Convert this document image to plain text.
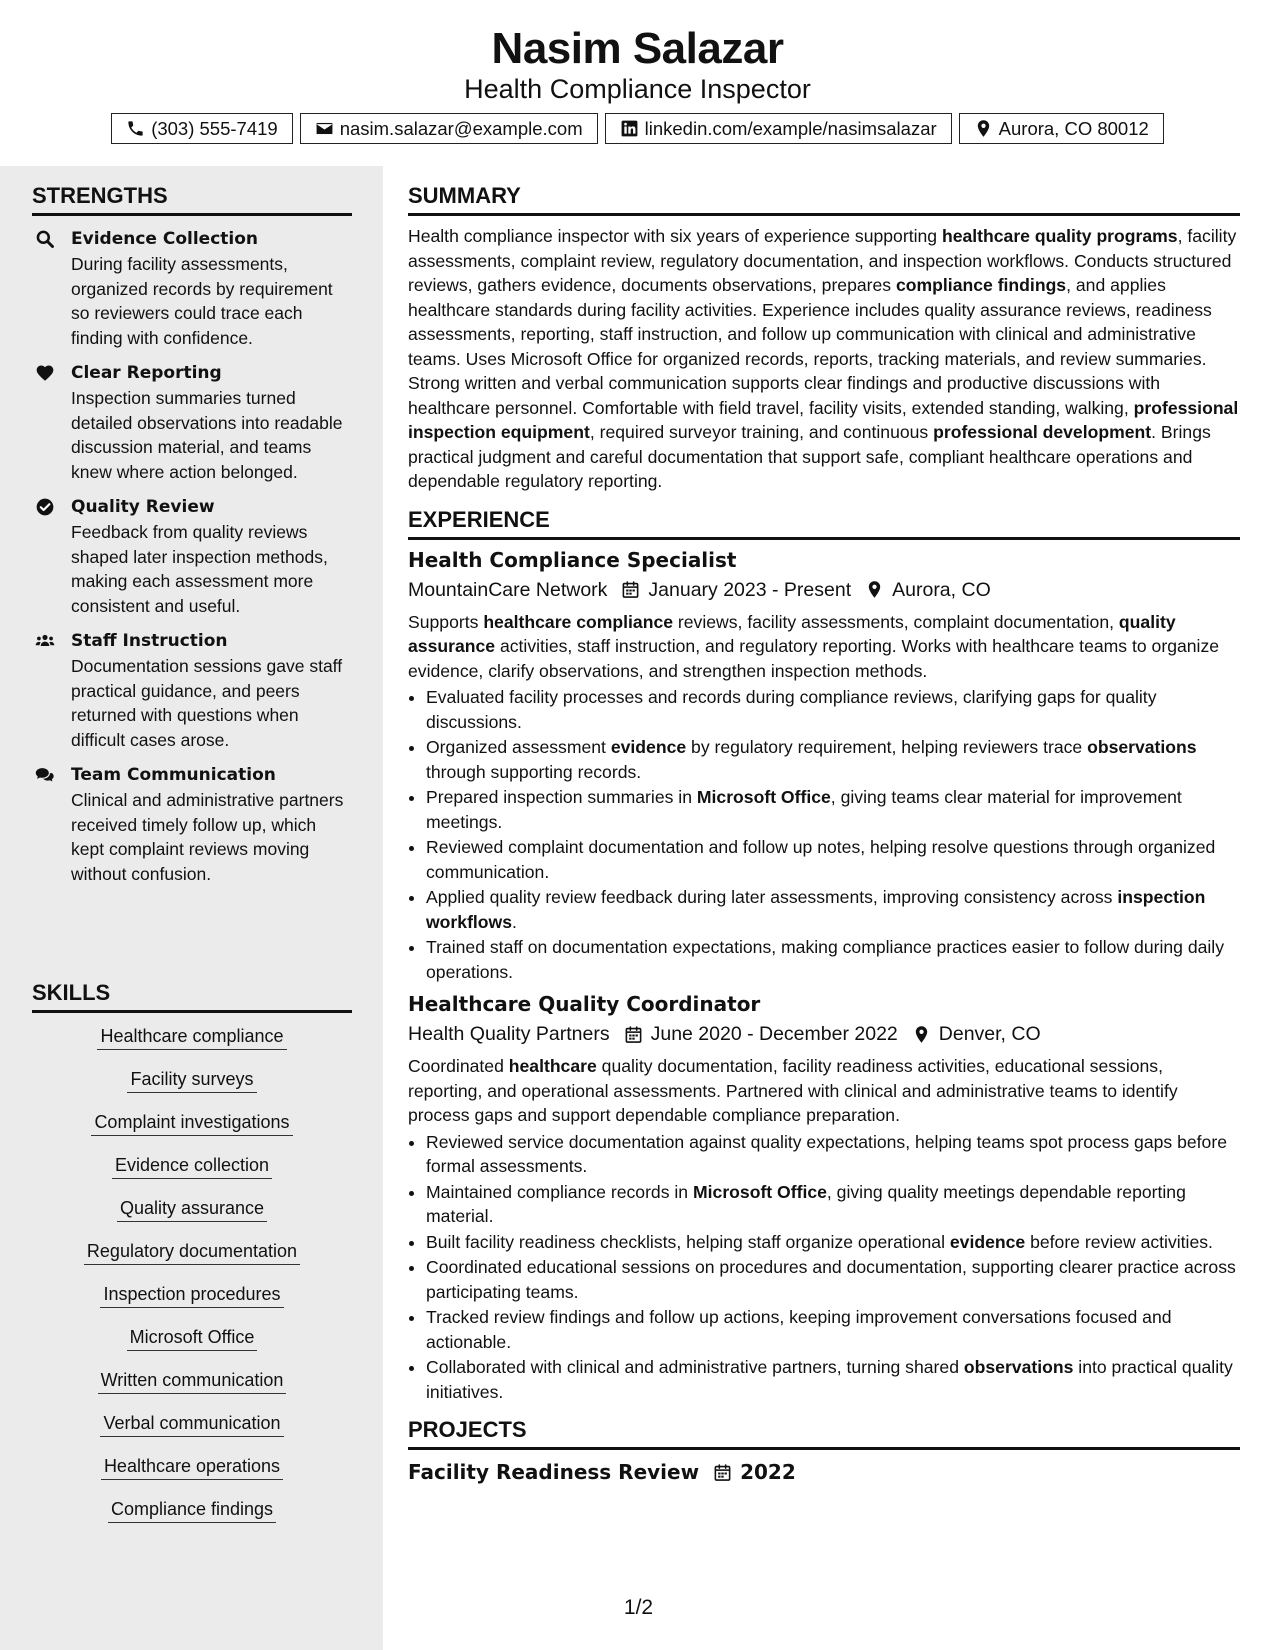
Nasim Salazar
Health Compliance Inspector
(303) 555-7419	nasim.salazar@example.com	linkedin.com/example/nasimsalazar	Aurora, CO 80012
STRENGTHS
Evidence Collection
During facility assessments, organized records by requirement so reviewers could trace each finding with confidence.
Clear Reporting
Inspection summaries turned detailed observations into readable discussion material, and teams knew where action belonged.
Quality Review
Feedback from quality reviews shaped later inspection methods, making each assessment more consistent and useful.
Staff Instruction
Documentation sessions gave staff practical guidance, and peers returned with questions when difficult cases arose.
Team Communication
Clinical and administrative partners received timely follow up, which kept complaint reviews moving without confusion.
SKILLS
Healthcare compliance
Facility surveys
Complaint investigations
Evidence collection
Quality assurance
Regulatory documentation
Inspection procedures
Microsoft Office
Written communication
Verbal communication
Healthcare operations
Compliance findings
SUMMARY
Health compliance inspector with six years of experience supporting healthcare quality programs, facility assessments, complaint review, regulatory documentation, and inspection workflows. Conducts structured reviews, gathers evidence, documents observations, prepares compliance findings, and applies healthcare standards during facility activities. Experience includes quality assurance reviews, readiness assessments, reporting, staff instruction, and follow up communication with clinical and administrative teams. Uses Microsoft Office for organized records, reports, tracking materials, and review summaries. Strong written and verbal communication supports clear findings and productive discussions with healthcare personnel. Comfortable with field travel, facility visits, extended standing, walking, professional inspection equipment, required surveyor training, and continuous professional development. Brings practical judgment and careful documentation that support safe, compliant healthcare operations and dependable regulatory reporting.
EXPERIENCE
Health Compliance Specialist
MountainCare Network January 2023 - Present Aurora, CO
Supports healthcare compliance reviews, facility assessments, complaint documentation, quality assurance activities, staff instruction, and regulatory reporting. Works with healthcare teams to organize evidence, clarify observations, and strengthen inspection methods.
• Evaluated facility processes and records during compliance reviews, clarifying gaps for quality discussions.
• Organized assessment evidence by regulatory requirement, helping reviewers trace observations through supporting records.
• Prepared inspection summaries in Microsoft Office, giving teams clear material for improvement meetings.
• Reviewed complaint documentation and follow up notes, helping resolve questions through organized communication.
• Applied quality review feedback during later assessments, improving consistency across inspection workflows.
• Trained staff on documentation expectations, making compliance practices easier to follow during daily operations.
Healthcare Quality Coordinator
Health Quality Partners June 2020 - December 2022 Denver, CO
Coordinated healthcare quality documentation, facility readiness activities, educational sessions, reporting, and operational assessments. Partnered with clinical and administrative teams to identify process gaps and support dependable compliance preparation.
• Reviewed service documentation against quality expectations, helping teams spot process gaps before formal assessments.
• Maintained compliance records in Microsoft Office, giving quality meetings dependable reporting material.
• Built facility readiness checklists, helping staff organize operational evidence before review activities.
• Coordinated educational sessions on procedures and documentation, supporting clearer practice across participating teams.
• Tracked review findings and follow up actions, keeping improvement conversations focused and actionable.
• Collaborated with clinical and administrative partners, turning shared observations into practical quality initiatives.
PROJECTS
Facility Readiness Review 2022
1/2
